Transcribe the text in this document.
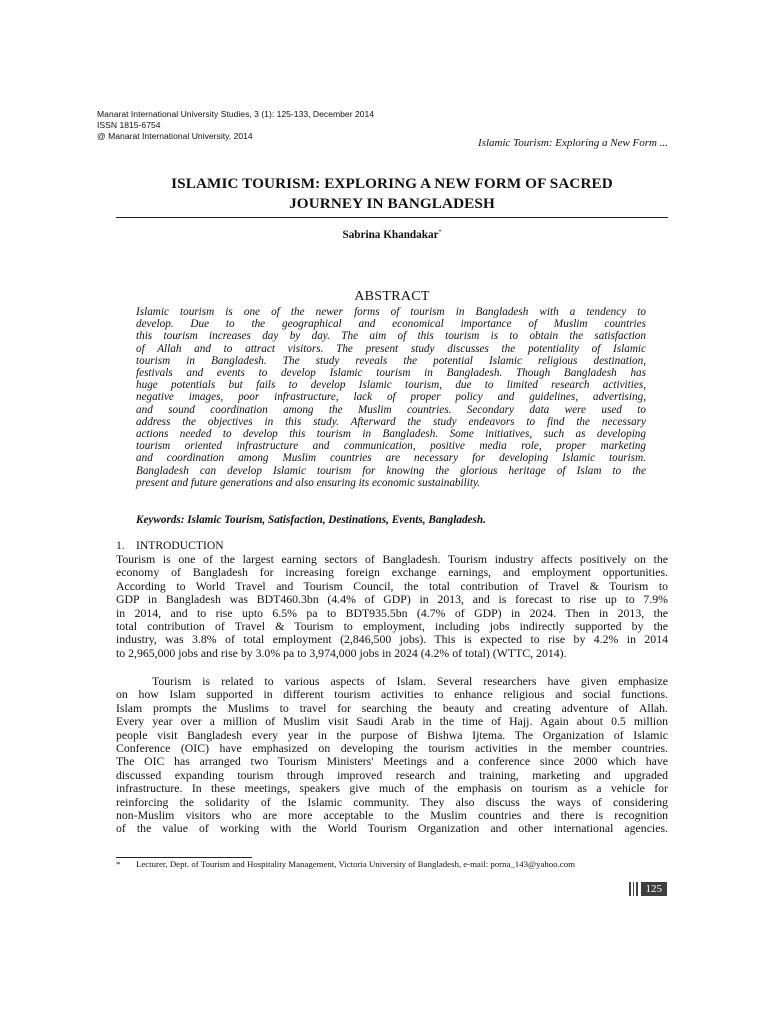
Manarat International University Studies, 3 (1): 125-133, December 2014
ISSN 1815-6754
@ Manarat International University, 2014
Islamic Tourism: Exploring a New Form ...
ISLAMIC TOURISM: EXPLORING A NEW FORM OF SACRED
JOURNEY IN BANGLADESH
Sabrina Khandakar*
ABSTRACT
Islamic tourism is one of the newer forms of tourism in Bangladesh with a tendency to
develop. Due to the geographical and economical importance of Muslim countries
this tourism increases day by day. The aim of this tourism is to obtain the satisfaction
of Allah and to attract visitors. The present study discusses the potentiality of Islamic
tourism in Bangladesh. The study reveals the potential Islamic religious destination,
festivals and events to develop Islamic tourism in Bangladesh. Though Bangladesh has
huge potentials but fails to develop Islamic tourism, due to limited research activities,
negative images, poor infrastructure, lack of proper policy and guidelines, advertising,
and sound coordination among the Muslim countries. Secondary data were used to
address the objectives in this study. Afterward the study endeavors to find the necessary
actions needed to develop this tourism in Bangladesh. Some initiatives, such as developing
tourism oriented infrastructure and communication, positive media role, proper marketing
and coordination among Muslim countries are necessary for developing Islamic tourism.
Bangladesh can develop Islamic tourism for knowing the glorious heritage of Islam to the
present and future generations and also ensuring its economic sustainability.
Keywords: Islamic Tourism, Satisfaction, Destinations, Events, Bangladesh.
1. INTRODUCTION
Tourism is one of the largest earning sectors of Bangladesh. Tourism industry affects positively on the
economy of Bangladesh for increasing foreign exchange earnings, and employment opportunities.
According to World Travel and Tourism Council, the total contribution of Travel & Tourism to
GDP in Bangladesh was BDT460.3bn (4.4% of GDP) in 2013, and is forecast to rise up to 7.9%
in 2014, and to rise upto 6.5% pa to BDT935.5bn (4.7% of GDP) in 2024. Then in 2013, the
total contribution of Travel & Tourism to employment, including jobs indirectly supported by the
industry, was 3.8% of total employment (2,846,500 jobs). This is expected to rise by 4.2% in 2014
to 2,965,000 jobs and rise by 3.0% pa to 3,974,000 jobs in 2024 (4.2% of total) (WTTC, 2014).
Tourism is related to various aspects of Islam. Several researchers have given emphasize
on how Islam supported in different tourism activities to enhance religious and social functions.
Islam prompts the Muslims to travel for searching the beauty and creating adventure of Allah.
Every year over a million of Muslim visit Saudi Arab in the time of Hajj. Again about 0.5 million
people visit Bangladesh every year in the purpose of Bishwa Ijtema. The Organization of Islamic
Conference (OIC) have emphasized on developing the tourism activities in the member countries.
The OIC has arranged two Tourism Ministers' Meetings and a conference since 2000 which have
discussed expanding tourism through improved research and training, marketing and upgraded
infrastructure. In these meetings, speakers give much of the emphasis on tourism as a vehicle for
reinforcing the solidarity of the Islamic community. They also discuss the ways of considering
non-Muslim visitors who are more acceptable to the Muslim countries and there is recognition
of the value of working with the World Tourism Organization and other international agencies.
* Lecturer, Dept. of Tourism and Hospitality Management, Victoria University of Bangladesh, e-mail: porna_143@yahoo.com
125
